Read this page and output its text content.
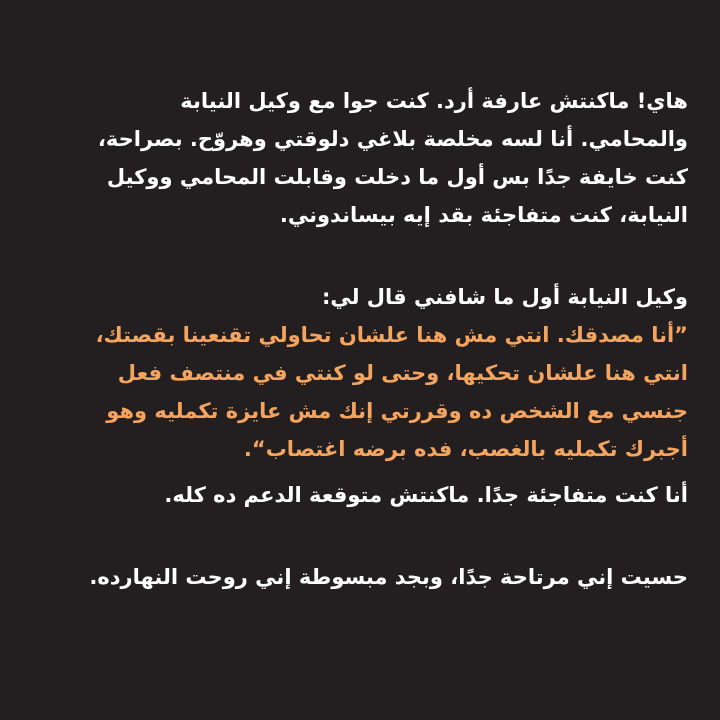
هاي! ماكنتش عارفة أرد. كنت جوا مع وكيل النيابة
والمحامي. أنا لسه مخلصة بلاغي دلوقتي وهروّح. بصراحة،
كنت خايفة جدًا بس أول ما دخلت وقابلت المحامي ووكيل
النيابة، كنت متفاجئة بقد إيه بيساندوني.
وكيل النيابة أول ما شافني قال لي:
”أنا مصدقك. انتي مش هنا علشان تحاولي تقنعينا بقصتك،
انتي هنا علشان تحكيها، وحتى لو كنتي في منتصف فعل
جنسي مع الشخص ده وقررتي إنك مش عايزة تكمليه وهو
أجبرك تكمليه بالغصب، فده برضه اغتصاب“.
أنا كنت متفاجئة جدًا. ماكنتش متوقعة الدعم ده كله.
حسيت إني مرتاحة جدًا، وبجد مبسوطة إني روحت النهارده.
